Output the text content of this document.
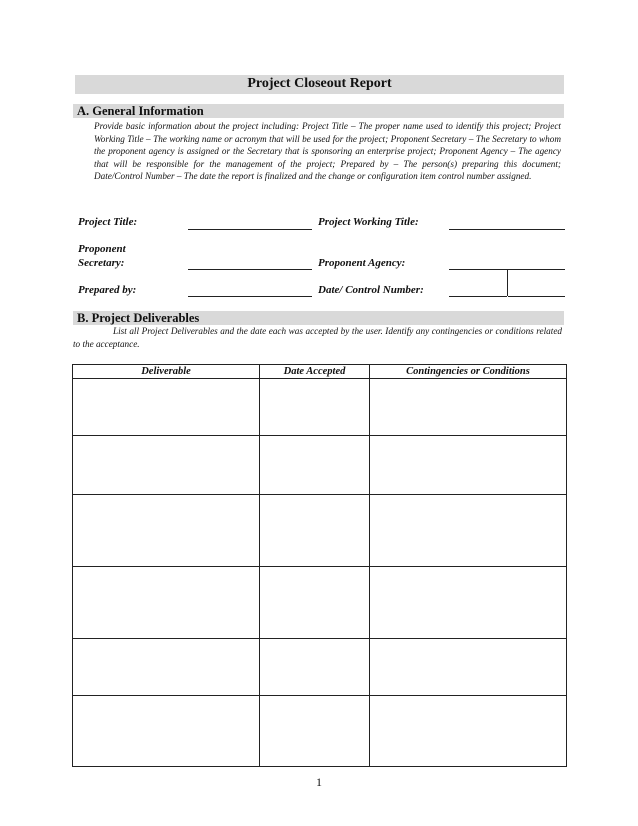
Project Closeout Report
A. General Information
Provide basic information about the project including: Project Title – The proper name used to identify this project; Project Working Title – The working name or acronym that will be used for the project; Proponent Secretary – The Secretary to whom the proponent agency is assigned or the Secretary that is sponsoring an enterprise project; Proponent Agency – The agency that will be responsible for the management of the project; Prepared by – The person(s) preparing this document; Date/Control Number – The date the report is finalized and the change or configuration item control number assigned.
Project Title:	Project Working Title:
Proponent
Secretary:	Proponent Agency:
Prepared by:	Date/ Control Number:
B. Project Deliverables
List all Project Deliverables and the date each was accepted by the user. Identify any contingencies or conditions related to the acceptance.
Deliverable	Date Accepted	Contingencies or Conditions

1
